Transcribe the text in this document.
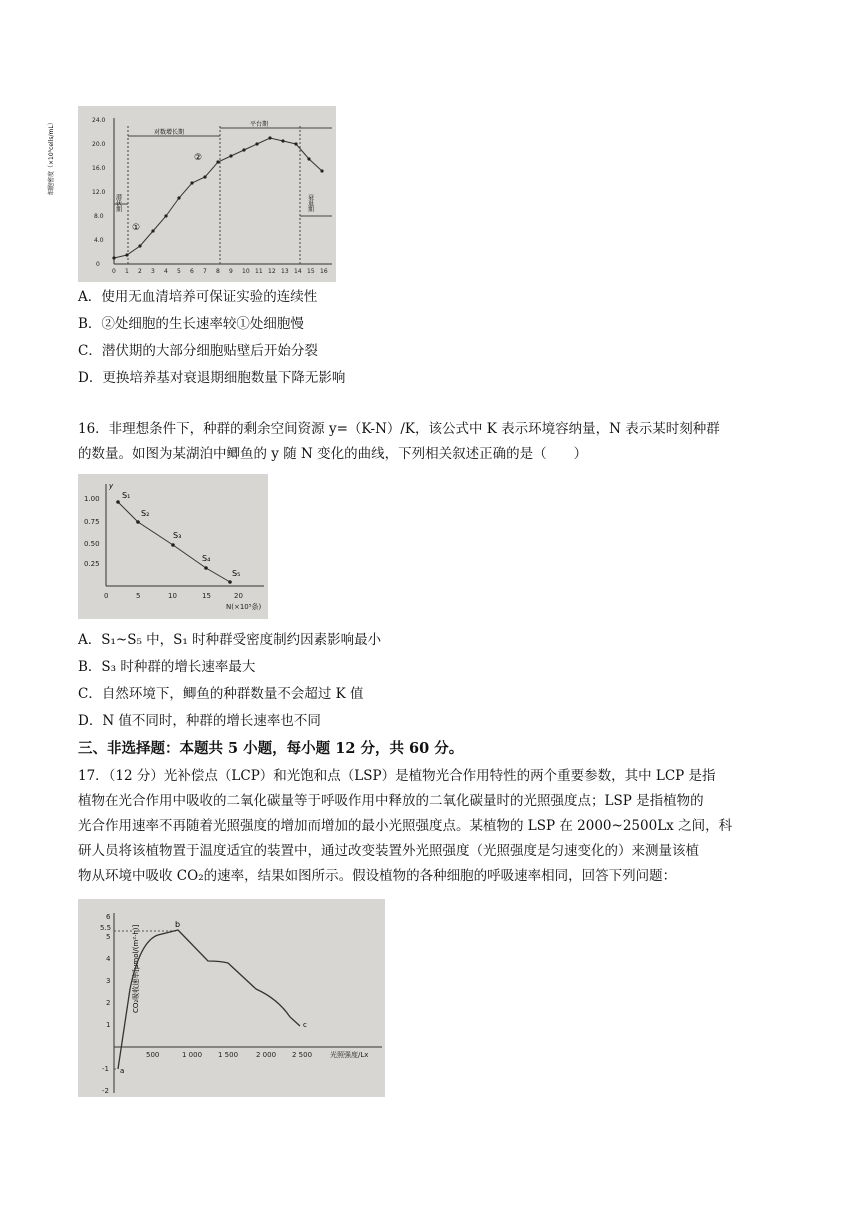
细胞密度（×10⁵cells/mL）
0
4.0
8.0
12.0
16.0
20.0
24.0
0 1 2 3 4 5 6 7 8 9 10 11 12 13 14 15 16
对数增长期
平台期
潜伏期	衰退期
①
②
A．使用无血清培养可保证实验的连续性
B．②处细胞的生长速率较①处细胞慢
C．潜伏期的大部分细胞贴壁后开始分裂
D．更换培养基对衰退期细胞数量下降无影响
16．非理想条件下，种群的剩余空间资源 y=（K-N）/K，该公式中 K 表示环境容纳量，N 表示某时刻种群
的数量。如图为某湖泊中鲫鱼的 y 随 N 变化的曲线，下列相关叙述正确的是（　　）
y
0.25
0.50
0.75
1.00
0	5	10	15	20
N(×10⁵条)
S₁
S₂
S₃
S₄
S₅
A．S₁~S₅ 中，S₁ 时种群受密度制约因素影响最小
B．S₃ 时种群的增长速率最大
C．自然环境下，鲫鱼的种群数量不会超过 K 值
D．N 值不同时，种群的增长速率也不同
三、非选择题：本题共 5 小题，每小题 12 分，共 60 分。
17．（12 分）光补偿点（LCP）和光饱和点（LSP）是植物光合作用特性的两个重要参数，其中 LCP 是指
植物在光合作用中吸收的二氧化碳量等于呼吸作用中释放的二氧化碳量时的光照强度点；LSP 是指植物的
光合作用速率不再随着光照强度的增加而增加的最小光照强度点。某植物的 LSP 在 2000~2500Lx 之间，科
研人员将该植物置于温度适宜的装置中，通过改变装置外光照强度（光照强度是匀速变化的）来测量该植
物从环境中吸收 CO₂的速率，结果如图所示。假设植物的各种细胞的呼吸速率相同，回答下列问题：
CO₂吸收速率[μmol/(m²·h)]
-2
-1
1
2
3
4
5
5.5
6
500	1 000 1 500	2 000 2 500	光照强度/Lx
a
b
c
